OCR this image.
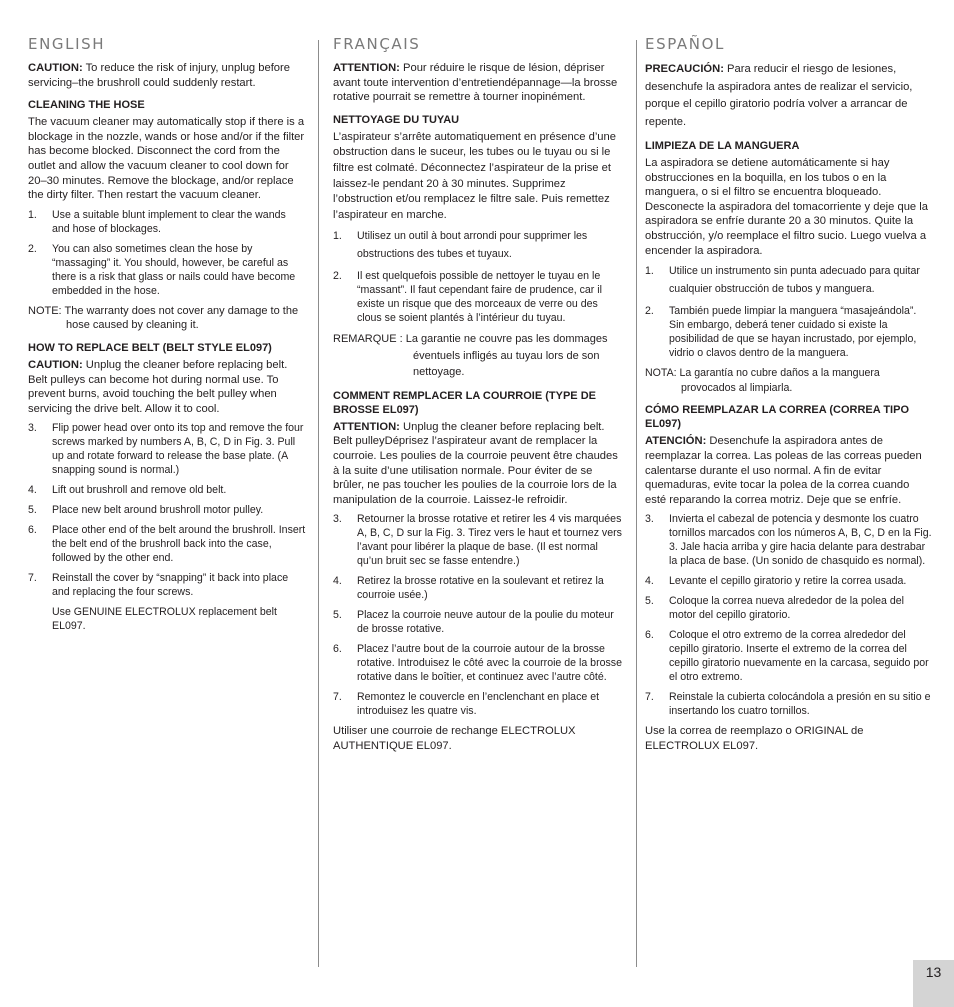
ENGLISH

CAUTION: To reduce the risk of injury, unplug before servicing–the brushroll could suddenly restart.

CLEANING THE HOSE

The vacuum cleaner may automatically stop if there is a blockage in the nozzle, wands or hose and/or if the filter has become blocked. Disconnect the cord from the outlet and allow the vacuum cleaner to cool down for 20–30 minutes. Remove the blockage, and/or replace the dirty filter. Then restart the vacuum cleaner.

1. Use a suitable blunt implement to clear the wands and hose of blockages.
2. You can also sometimes clean the hose by “massaging” it. You should, however, be careful as there is a risk that glass or nails could have become embedded in the hose.

NOTE: The warranty does not cover any damage to the hose caused by cleaning it.

HOW TO REPLACE BELT (BELT STYLE EL097)

CAUTION: Unplug the cleaner before replacing belt. Belt pulleys can become hot during normal use. To prevent burns, avoid touching the belt pulley when servicing the drive belt. Allow it to cool.

3. Flip power head over onto its top and remove the four screws marked by numbers A, B, C, D in Fig. 3. Pull up and rotate forward to release the base plate. (A snapping sound is normal.)
4. Lift out brushroll and remove old belt.
5. Place new belt around brushroll motor pulley.
6. Place other end of the belt around the brushroll. Insert the belt end of the brushroll back into the case, followed by the other end.
7. Reinstall the cover by “snapping” it back into place and replacing the four screws.

Use GENUINE ELECTROLUX replacement belt EL097.

FRANÇAIS

ATTENTION: Pour réduire le risque de lésion, dépriser avant toute intervention d’entretiendépannage—la brosse rotative pourrait se remettre à tourner inopinément.

NETTOYAGE DU TUYAU

L’aspirateur s’arrête automatiquement en présence d’une obstruction dans le suceur, les tubes ou le tuyau ou si le filtre est colmaté. Déconnectez l’aspirateur de la prise et laissez-le pendant 20 à 30 minutes. Supprimez l’obstruction et/ou remplacez le filtre sale. Puis remettez l’aspirateur en marche.

1. Utilisez un outil à bout arrondi pour supprimer les obstructions des tubes et tuyaux.
2. Il est quelquefois possible de nettoyer le tuyau en le “massant”. Il faut cependant faire de prudence, car il existe un risque que des morceaux de verre ou des clous se soient plantés à l’intérieur du tuyau.

REMARQUE : La garantie ne couvre pas les dommages éventuels infligés au tuyau lors de son nettoyage.

COMMENT REMPLACER LA COURROIE (TYPE DE BROSSE EL097)

ATTENTION: Unplug the cleaner before replacing belt. Belt pulleyDéprisez l’aspirateur avant de remplacer la courroie. Les poulies de la courroie peuvent être chaudes à la suite d’une utilisation normale. Pour éviter de se brûler, ne pas toucher les poulies de la courroie lors de la manipulation de la courroie. Laissez-le refroidir.

3. Retourner la brosse rotative et retirer les 4 vis marquées A, B, C, D sur la Fig. 3. Tirez vers le haut et tournez vers l’avant pour libérer la plaque de base. (Il est normal qu’un bruit sec se fasse entendre.)
4. Retirez la brosse rotative en la soulevant et retirez la courroie usée.)
5. Placez la courroie neuve autour de la poulie du moteur de brosse rotative.
6. Placez l’autre bout de la courroie autour de la brosse rotative. Introduisez le côté avec la courroie de la brosse rotative dans le boîtier, et continuez avec l’autre côté.
7. Remontez le couvercle en l’enclenchant en place et introduisez les quatre vis.

Utiliser une courroie de rechange ELECTROLUX AUTHENTIQUE EL097.

ESPAÑOL

PRECAUCIÓN: Para reducir el riesgo de lesiones, desenchufe la aspiradora antes de realizar el servicio, porque el cepillo giratorio podría volver a arrancar de repente.

LIMPIEZA DE LA MANGUERA

La aspiradora se detiene automáticamente si hay obstrucciones en la boquilla, en los tubos o en la manguera, o si el filtro se encuentra bloqueado. Desconecte la aspiradora del tomacorriente y deje que la aspiradora se enfríe durante 20 a 30 minutos. Quite la obstrucción, y/o reemplace el filtro sucio. Luego vuelva a encender la aspiradora.

1. Utilice un instrumento sin punta adecuado para quitar cualquier obstrucción de tubos y manguera.
2. También puede limpiar la manguera “masajeándola”. Sin embargo, deberá tener cuidado si existe la posibilidad de que se hayan incrustado, por ejemplo, vidrio o clavos dentro de la manguera.

NOTA: La garantía no cubre daños a la manguera provocados al limpiarla.

CÓMO REEMPLAZAR LA CORREA (CORREA TIPO EL097)

ATENCIÓN: Desenchufe la aspiradora antes de reemplazar la correa. Las poleas de las correas pueden calentarse durante el uso normal. A fin de evitar quemaduras, evite tocar la polea de la correa cuando esté reparando la correa motriz. Deje que se enfríe.

3. Invierta el cabezal de potencia y desmonte los cuatro tornillos marcados con los números A, B, C, D en la Fig. 3. Jale hacia arriba y gire hacia delante para destrabar la placa de base. (Un sonido de chasquido es normal).
4. Levante el cepillo giratorio y retire la correa usada.
5. Coloque la correa nueva alrededor de la polea del motor del cepillo giratorio.
6. Coloque el otro extremo de la correa alrededor del cepillo giratorio. Inserte el extremo de la correa del cepillo giratorio nuevamente en la carcasa, seguido por el otro extremo.
7. Reinstale la cubierta colocándola a presión en su sitio e insertando los cuatro tornillos.

Use la correa de reemplazo o ORIGINAL de ELECTROLUX EL097.

13
